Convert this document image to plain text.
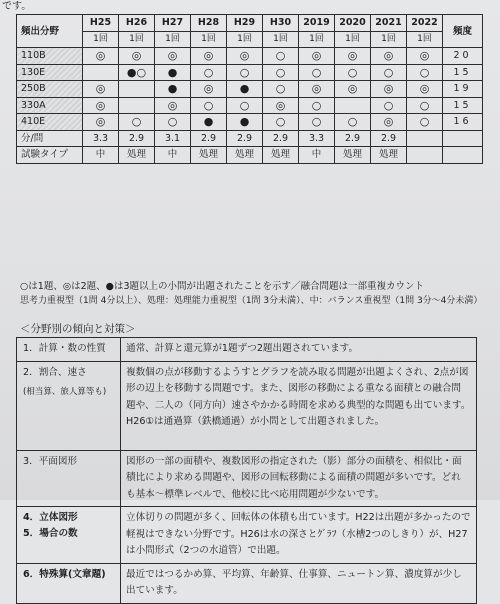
です。
頻出分野	H25	H26	H27	H28	H29	H30	2019	2020	2021	2022	頻度
	1回	1回	1回	1回	1回	1回	1回	1回	1回	1回	
110B	◎	◎	◎	◎	◎	○	◎	◎	◎	◎	20
130E		●○	●	○	○	○	○	○	○	○	15
250B	◎		●	◎	●	○	◎	◎	◎	◎	19
330A	◎		◎	○	○	◎	○		○	○	15
410E	◎	○	○	●	●	○	○	○	◎	○	16
分/問	3.3	2.9	3.1	2.9	2.9	2.9	3.3	2.9	2.9		
試験タイプ	中	処理	中	処理	処理	処理	中	処理	処理		
○は1題、◎は2題、●は3題以上の小問が出題されたことを示す／融合問題は一部重複カウント
思考力重視型（1問 4分以上）、処理：処理能力重視型（1問 3分未満）、中：バランス重視型（1問 3分～4分未満）
＜分野別の傾向と対策＞
1．計算・数の性質	通常、計算と還元算が1題ずつ2題出題されています。

2．割合、速さ
(相当算、旅人算等も)	複数個の点が移動するようすとグラフを読み取る問題が出題よくされ、2点が図
形の辺上を移動する問題です。また、図形の移動による重なる面積との融合問
題や、二人の（同方向）速さやかかる時間を求める典型的な問題も出ています。
H26①は通過算（鉄橋通過）が小問として出題されました。

3．平面図形	図形の一部の面積や、複数図形の指定された（影）部分の面積を、相似比・面
積比により求める問題や、図形の回転移動による面積の問題が多いです。どれ
も基本～標準レベルで、他校に比べ応用問題が少ないです。

4．立体図形
5．場合の数	立体切りの問題が多く、回転体の体積も出ています。H22は出題が多かったので
軽視はできない分野です。H26は水の深さとｸﾞﾗﾌ（水槽2つのしきり）が、H27
は小問形式（2つの水道管）で出題。

6．特殊算(文章題)	最近ではつるかめ算、平均算、年齢算、仕事算、ニュートン算、濃度算が少し
出ています。
